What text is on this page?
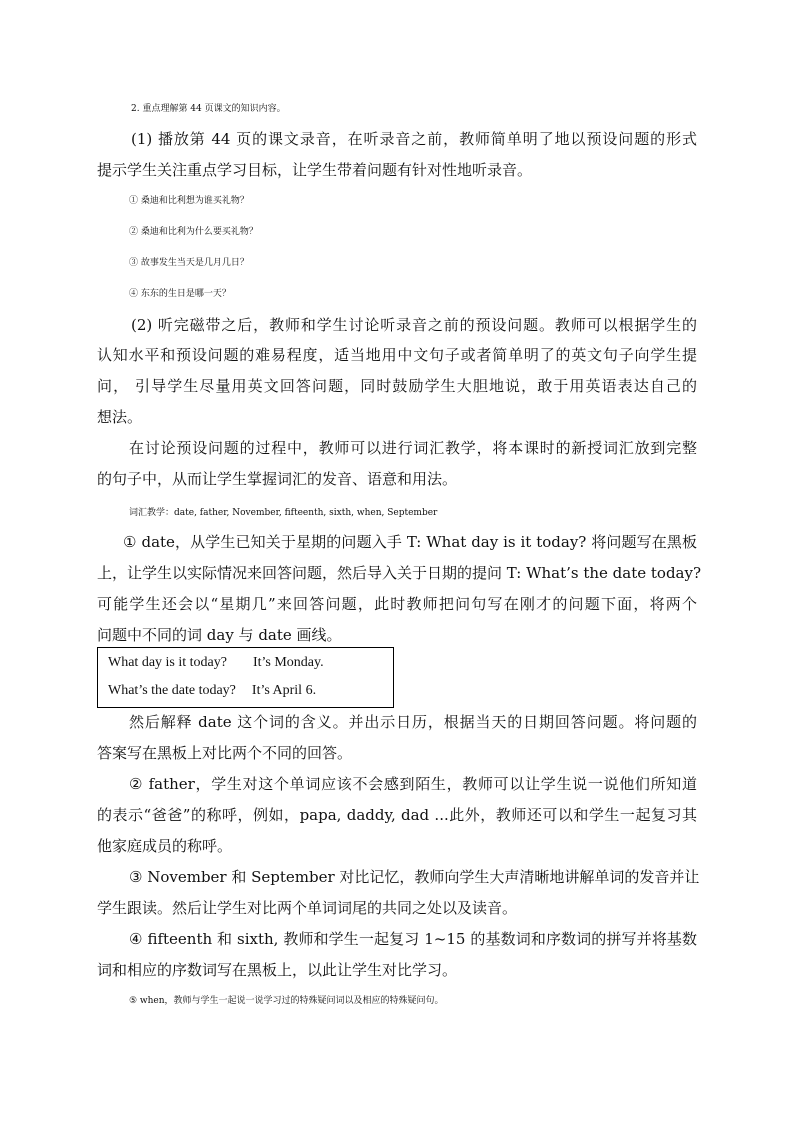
2. 重点理解第 44 页课文的知识内容。
(1) 播放第 44 页的课文录音，在听录音之前，教师简单明了地以预设问题的形式
提示学生关注重点学习目标，让学生带着问题有针对性地听录音。
① 桑迪和比利想为谁买礼物？
② 桑迪和比利为什么要买礼物？
③ 故事发生当天是几月几日？
④ 东东的生日是哪一天？
(2) 听完磁带之后，教师和学生讨论听录音之前的预设问题。教师可以根据学生的
认知水平和预设问题的难易程度，适当地用中文句子或者简单明了的英文句子向学生提
问， 引导学生尽量用英文回答问题，同时鼓励学生大胆地说，敢于用英语表达自己的
想法。
在讨论预设问题的过程中，教师可以进行词汇教学，将本课时的新授词汇放到完整
的句子中，从而让学生掌握词汇的发音、语意和用法。
词汇教学：date, father, November, fifteenth, sixth, when, September
① date，从学生已知关于星期的问题入手 T: What day is it today? 将问题写在黑板
上，让学生以实际情况来回答问题，然后导入关于日期的提问 T: What’s the date today?
可能学生还会以“星期几”来回答问题，此时教师把问句写在刚才的问题下面，将两个
问题中不同的词 day 与 date 画线。
What day is it today? It’s Monday.
What’s the date today? It’s April 6.
然后解释 date 这个词的含义。并出示日历，根据当天的日期回答问题。将问题的
答案写在黑板上对比两个不同的回答。
② father，学生对这个单词应该不会感到陌生，教师可以让学生说一说他们所知道
的表示“爸爸”的称呼，例如，papa, daddy, dad ...此外，教师还可以和学生一起复习其
他家庭成员的称呼。
③ November 和 September 对比记忆，教师向学生大声清晰地讲解单词的发音并让
学生跟读。然后让学生对比两个单词词尾的共同之处以及读音。
④ fifteenth 和 sixth, 教师和学生一起复习 1~15 的基数词和序数词的拼写并将基数
词和相应的序数词写在黑板上，以此让学生对比学习。
⑤ when，教师与学生一起说一说学习过的特殊疑问词以及相应的特殊疑问句。
